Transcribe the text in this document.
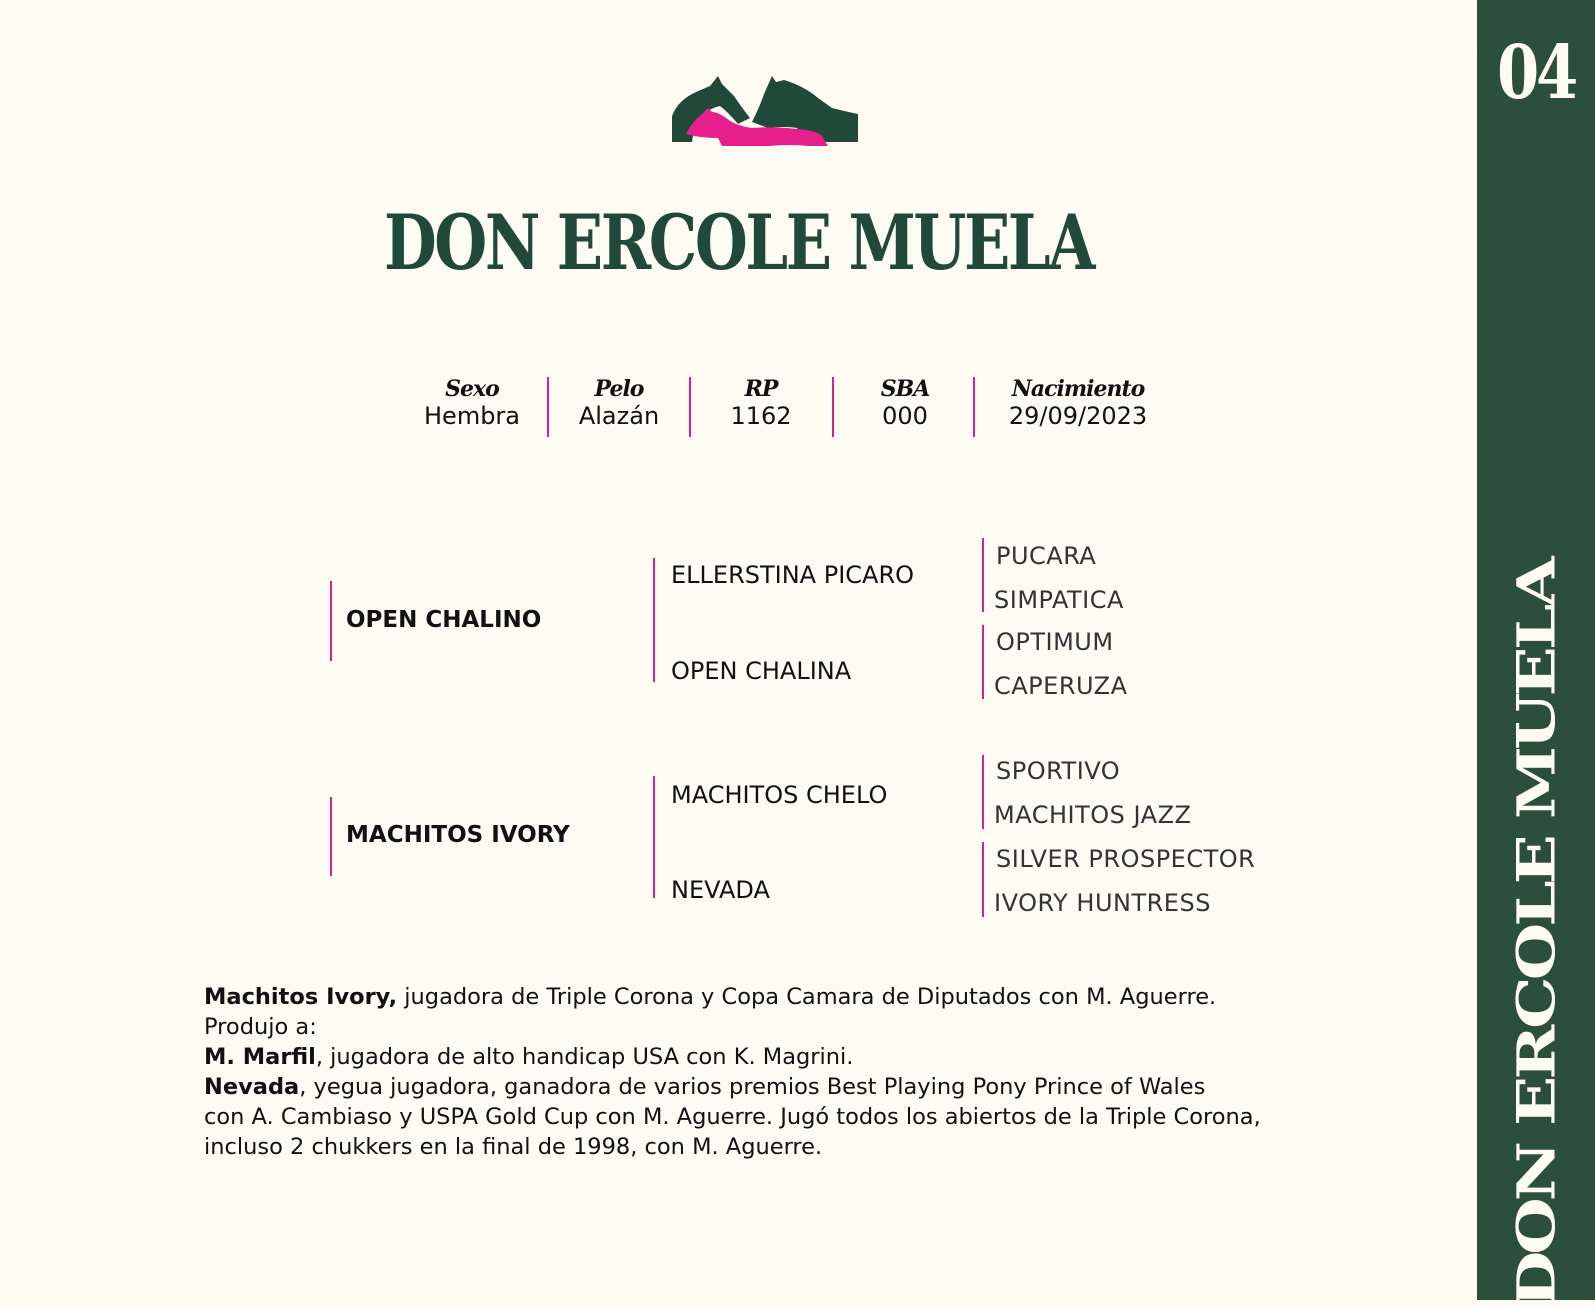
04
DON ERCOLE MUELA
DON ERCOLE MUELA
Sexo
Hembra
Pelo
Alazán
RP
1162
SBA
000
Nacimiento
29/09/2023
OPEN CHALINO
ELLERSTINA PICARO
OPEN CHALINA
PUCARA
SIMPATICA
OPTIMUM
CAPERUZA
MACHITOS IVORY
MACHITOS CHELO
NEVADA
SPORTIVO
MACHITOS JAZZ
SILVER PROSPECTOR
IVORY HUNTRESS

Machitos Ivory, jugadora de Triple Corona y Copa Camara de Diputados con M. Aguerre.

Produjo a:

M. Marfil, jugadora de alto handicap USA con K. Magrini.

Nevada, yegua jugadora, ganadora de varios premios Best Playing Pony Prince of Wales

con A. Cambiaso y USPA Gold Cup con M. Aguerre. Jugó todos los abiertos de la Triple Corona,

incluso 2 chukkers en la final de 1998, con M. Aguerre.
